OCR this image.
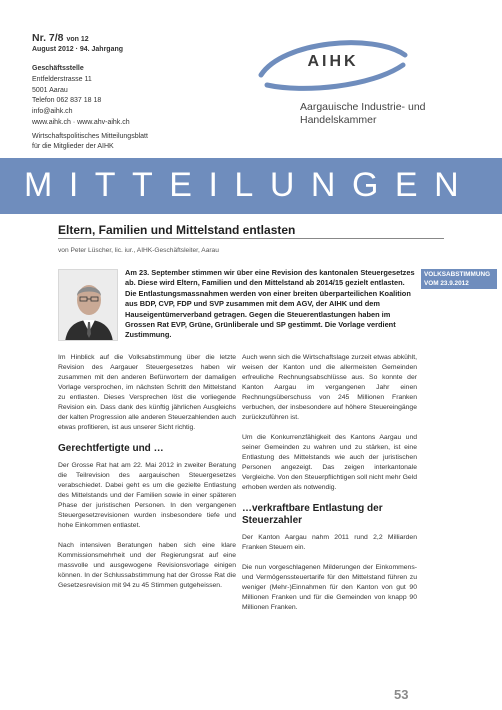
Nr. 7/8 von 12
August 2012 · 94. Jahrgang
Geschäftsstelle
Entfelderstrasse 11
5001 Aarau
Telefon 062 837 18 18
info@aihk.ch
www.aihk.ch · www.ahv-aihk.ch
Wirtschaftspolitisches Mitteilungsblatt
für die Mitglieder der AIHK
AIHK
Aargauische Industrie- und
Handelskammer
MITTEILUNGEN
Eltern, Familien und Mittelstand entlasten
von Peter Lüscher, lic. iur., AIHK-Geschäftsleiter, Aarau
Am 23. September stimmen wir über eine Revision des kantonalen Steuergesetzes ab. Diese wird Eltern, Familien und den Mittelstand ab 2014/15 gezielt entlasten. Die Entlastungsmassnahmen werden von einer breiten überparteilichen Koalition aus BDP, CVP, FDP und SVP zusammen mit dem AGV, der AIHK und dem Hauseigentümerverband getragen. Gegen die Steuerentlastungen haben im Grossen Rat EVP, Grüne, Grünliberale und SP gestimmt. Die Vorlage verdient Zustimmung.
VOLKSABSTIMMUNG
VOM 23.9.2012

Im Hinblick auf die Volksabstimmung über die letzte Revision des Aargauer Steuergesetzes haben wir zusammen mit den anderen Befürwortern der damaligen Vorlage versprochen, im nächsten Schritt den Mittelstand zu entlasten. Dieses Versprechen löst die vorliegende Revision ein. Dass dank des künftig jährlichen Ausgleichs der kalten Progression alle anderen Steuerzahlenden auch etwas profitieren, ist aus unserer Sicht richtig.

Gerechtfertigte und …

Der Grosse Rat hat am 22. Mai 2012 in zweiter Beratung die Teilrevision des aargauischen Steuergesetzes verabschiedet. Dabei geht es um die gezielte Entlastung des Mittelstands und der Familien sowie in einer späteren Phase der juristischen Personen. In den vergangenen Steuergesetzrevisionen wurden insbesondere tiefe und hohe Einkommen entlastet.

Nach intensiven Beratungen haben sich eine klare Kommissionsmehrheit und der Regierungsrat auf eine massvolle und ausgewogene Revisionsvorlage einigen können. In der Schlussabstimmung hat der Grosse Rat die Gesetzesrevision mit 94 zu 45 Stimmen gutgeheissen.

Auch wenn sich die Wirtschaftslage zurzeit etwas abkühlt, weisen der Kanton und die allermeisten Gemeinden erfreuliche Rechnungsabschlüsse aus. So konnte der Kanton Aargau im vergangenen Jahr einen Rechnungsüberschuss von 245 Millionen Franken verbuchen, der insbesondere auf höhere Steuereingänge zurückzuführen ist.

Um die Konkurrenzfähigkeit des Kantons Aargau und seiner Gemeinden zu wahren und zu stärken, ist eine Entlastung des Mittelstands wie auch der juristischen Personen angezeigt. Das zeigen interkantonale Vergleiche. Von den Steuerpflichtigen soll nicht mehr Geld erhoben werden als notwendig.

…verkraftbare Entlastung der Steuerzahler

Der Kanton Aargau nahm 2011 rund 2,2 Milliarden Franken Steuern ein.

Die nun vorgeschlagenen Milderungen der Einkommens- und Vermögenssteuertarife für den Mittelstand führen zu weniger (Mehr-)Einnahmen für den Kanton von gut 90 Millionen Franken und für die Gemeinden von knapp 90 Millionen Franken.

53
